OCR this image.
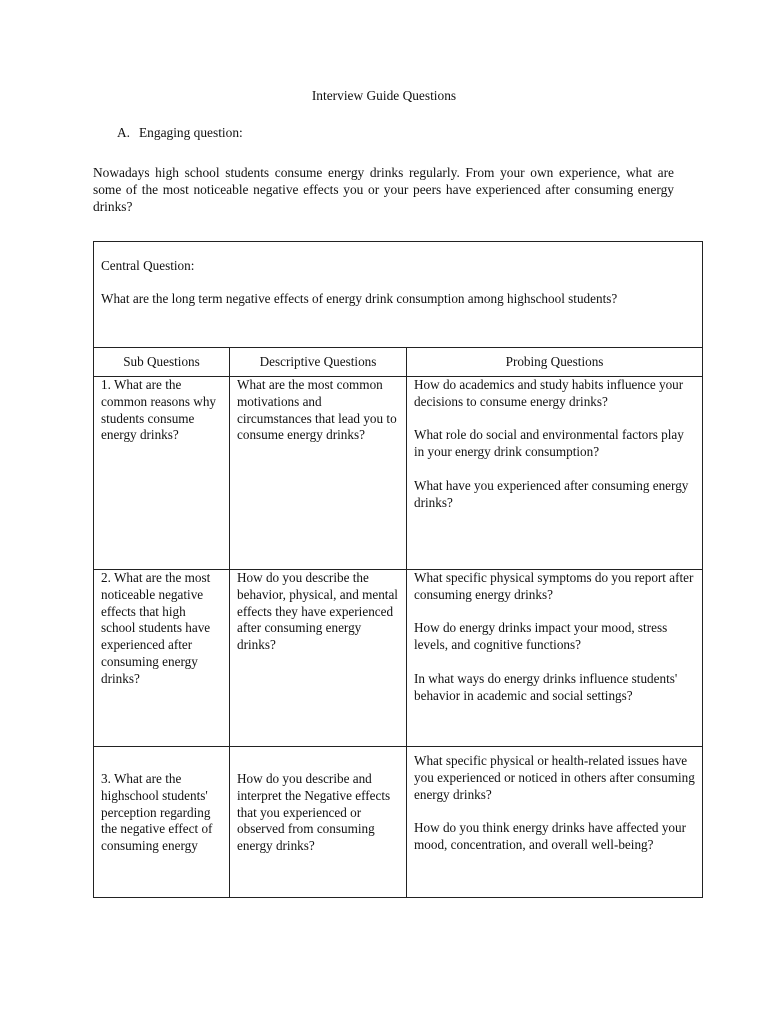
Interview Guide Questions
A. Engaging question:
Nowadays high school students consume energy drinks regularly. From your own experience, what are some of the most noticeable negative effects you or your peers have experienced after consuming energy drinks?
Central Question:
What are the long term negative effects of energy drink consumption among highschool students?		

Sub Questions	Descriptive Questions	Probing Questions
1. What are the common reasons why students consume energy drinks?	What are the most common motivations and circumstances that lead you to consume energy drinks?	How do academics and study habits influence your decisions to consume energy drinks?

What role do social and environmental factors play in your energy drink consumption?

What have you experienced after consuming energy drinks?

2. What are the most noticeable negative effects that high school students have experienced after consuming energy drinks?	How do you describe the behavior, physical, and mental effects they have experienced after consuming energy drinks?	What specific physical symptoms do you report after consuming energy drinks?

How do energy drinks impact your mood, stress levels, and cognitive functions?

In what ways do energy drinks influence students' behavior in academic and social settings?

3. What are the highschool students' perception regarding the negative effect of consuming energy	How do you describe and interpret the Negative effects that you experienced or observed from consuming energy drinks?	What specific physical or health-related issues have you experienced or noticed in others after consuming energy drinks?

How do you think energy drinks have affected your mood, concentration, and overall well-being?
